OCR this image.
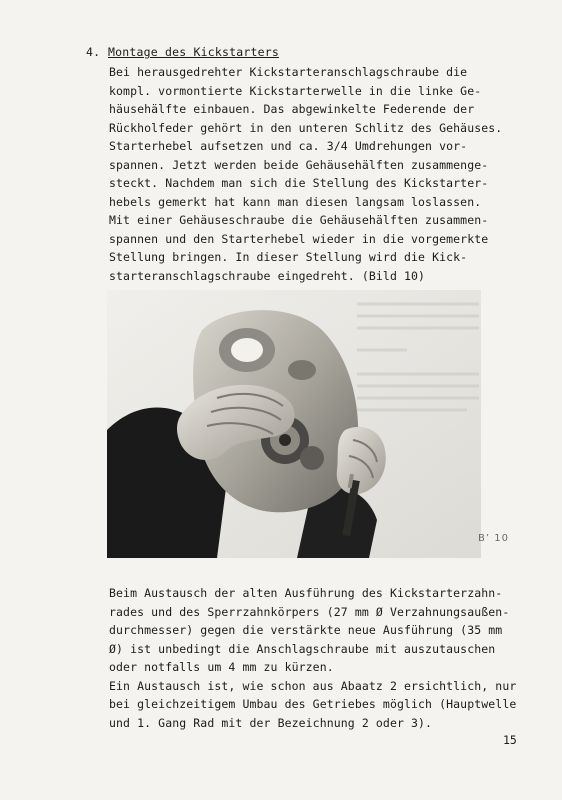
4. Montage des Kickstarters
Bei herausgedrehter Kickstarteranschlagschraube die
kompl. vormontierte Kickstarterwelle in die linke Ge-
häusehälfte einbauen. Das abgewinkelte Federende der
Rückholfeder gehört in den unteren Schlitz des Gehäuses.
Starterhebel aufsetzen und ca. 3/4 Umdrehungen vor-
spannen. Jetzt werden beide Gehäusehälften zusammenge-
steckt. Nachdem man sich die Stellung des Kickstarter-
hebels gemerkt hat kann man diesen langsam loslassen.
Mit einer Gehäuseschraube die Gehäusehälften zusammen-
spannen und den Starterhebel wieder in die vorgemerkte
Stellung bringen. In dieser Stellung wird die Kick-
starteranschlagschraube eingedreht. (Bild 10)
B’ 10
Beim Austausch der alten Ausführung des Kickstarterzahn-
rades und des Sperrzahnkörpers (27 mm Ø Verzahnungsaußen-
durchmesser) gegen die verstärkte neue Ausführung (35 mm
Ø) ist unbedingt die Anschlagschraube mit auszutauschen
oder notfalls um 4 mm zu kürzen.
Ein Austausch ist, wie schon aus Abaatz 2 ersichtlich, nur
bei gleichzeitigem Umbau des Getriebes möglich (Hauptwelle
und 1. Gang Rad mit der Bezeichnung 2 oder 3).
15
